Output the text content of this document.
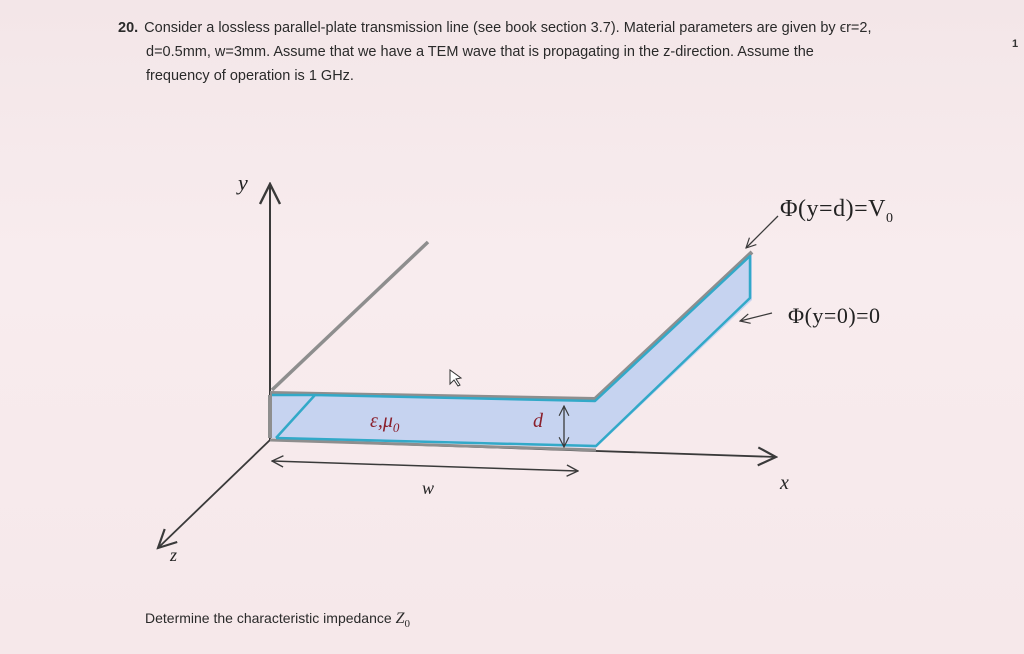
20. Consider a lossless parallel-plate transmission line (see book section 3.7). Material parameters are given by ϵr=2,
d=0.5mm, w=3mm. Assume that we have a TEM wave that is propagating in the z-direction. Assume the
frequency of operation is 1 GHz.
1
y
x
z
w
d
$\varepsilon,\mu_0$
$\Phi(y=d)=V_0$
Φ(y=0)=0
Determine the characteristic impedance $Z_0$
